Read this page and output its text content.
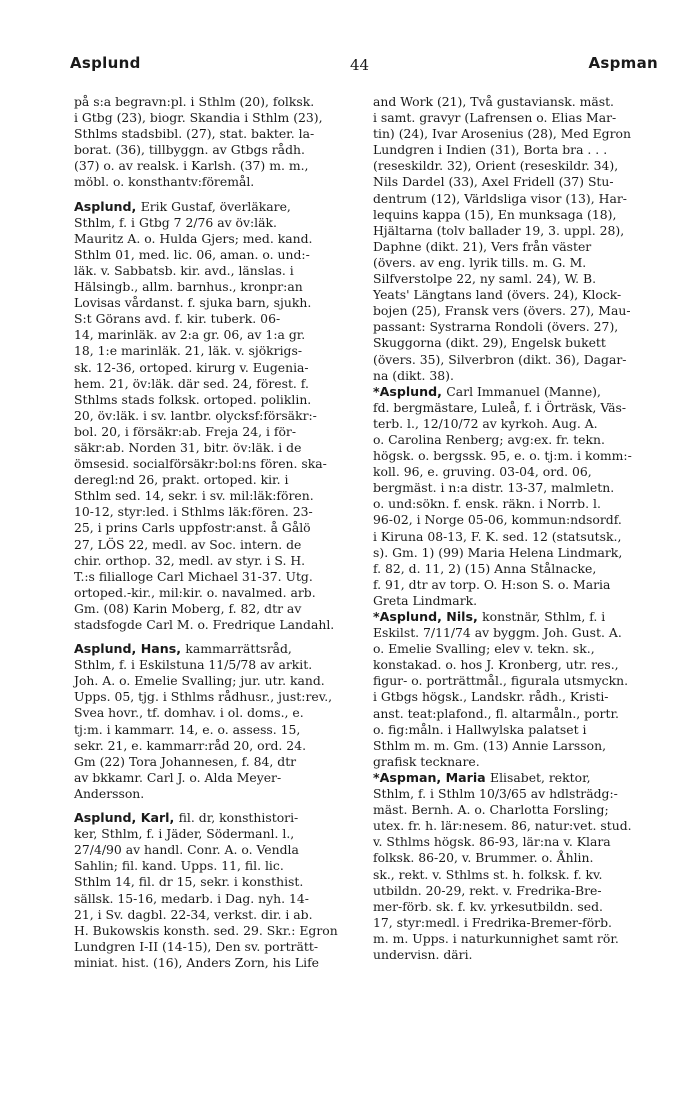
Asplund	44	Aspman
på s:a begravn:pl. i Sthlm (20), folksk.
i Gtbg (23), biogr. Skandia i Sthlm (23),
Sthlms stadsbibl. (27), stat. bakter. la-
borat. (36), tillbyggn. av Gtbgs rådh.
(37) o. av realsk. i Karlsh. (37) m. m.,
möbl. o. konsthantv:föremål.
Asplund, Erik Gustaf, överläkare,
Sthlm, f. i Gtbg 7 2/76 av öv:läk.
Mauritz A. o. Hulda Gjers; med. kand.
Sthlm 01, med. lic. 06, aman. o. und:-
läk. v. Sabbatsb. kir. avd., länslas. i
Hälsingb., allm. barnhus., kronpr:an
Lovisas vårdanst. f. sjuka barn, sjukh.
S:t Görans avd. f. kir. tuberk. 06-
14, marinläk. av 2:a gr. 06, av 1:a gr.
18, 1:e marinläk. 21, läk. v. sjökrigs-
sk. 12-36, ortoped. kirurg v. Eugenia-
hem. 21, öv:läk. där sed. 24, förest. f.
Sthlms stads folksk. ortoped. poliklin.
20, öv:läk. i sv. lantbr. olycksf:försäkr:-
bol. 20, i försäkr:ab. Freja 24, i för-
säkr:ab. Norden 31, bitr. öv:läk. i de
ömsesid. socialförsäkr:bol:ns fören. ska-
deregl:nd 26, prakt. ortoped. kir. i
Sthlm sed. 14, sekr. i sv. mil:läk:fören.
10-12, styr:led. i Sthlms läk:fören. 23-
25, i prins Carls uppfostr:anst. å Gålö
27, LÖS 22, medl. av Soc. intern. de
chir. orthop. 32, medl. av styr. i S. H.
T.:s filialloge Carl Michael 31-37. Utg.
ortoped.-kir., mil:kir. o. navalmed. arb.
Gm. (08) Karin Moberg, f. 82, dtr av
stadsfogde Carl M. o. Fredrique Landahl.
Asplund, Hans, kammarrättsråd,
Sthlm, f. i Eskilstuna 11/5/78 av arkit.
Joh. A. o. Emelie Svalling; jur. utr. kand.
Upps. 05, tjg. i Sthlms rådhusr., just:rev.,
Svea hovr., tf. domhav. i ol. doms., e.
tj:m. i kammarr. 14, e. o. assess. 15,
sekr. 21, e. kammarr:råd 20, ord. 24.
Gm (22) Tora Johannesen, f. 84, dtr
av bkkamr. Carl J. o. Alda Meyer-
Andersson.
Asplund, Karl, fil. dr, konsthistori-
ker, Sthlm, f. i Jäder, Södermanl. l.,
27/4/90 av handl. Conr. A. o. Vendla
Sahlin; fil. kand. Upps. 11, fil. lic.
Sthlm 14, fil. dr 15, sekr. i konsthist.
sällsk. 15-16, medarb. i Dag. nyh. 14-
21, i Sv. dagbl. 22-34, verkst. dir. i ab.
H. Bukowskis konsth. sed. 29. Skr.: Egron
Lundgren I-II (14-15), Den sv. porträtt-
miniat. hist. (16), Anders Zorn, his Life
and Work (21), Två gustaviansk. mäst.
i samt. gravyr (Lafrensen o. Elias Mar-
tin) (24), Ivar Arosenius (28), Med Egron
Lundgren i Indien (31), Borta bra . . .
(reseskildr. 32), Orient (reseskildr. 34),
Nils Dardel (33), Axel Fridell (37) Stu-
dentrum (12), Världsliga visor (13), Har-
lequins kappa (15), En munksaga (18),
Hjältarna (tolv ballader 19, 3. uppl. 28),
Daphne (dikt. 21), Vers från väster
(övers. av eng. lyrik tills. m. G. M.
Silfverstolpe 22, ny saml. 24), W. B.
Yeats' Längtans land (övers. 24), Klock-
bojen (25), Fransk vers (övers. 27), Mau-
passant: Systrarna Rondoli (övers. 27),
Skuggorna (dikt. 29), Engelsk bukett
(övers. 35), Silverbron (dikt. 36), Dagar-
na (dikt. 38).
*Asplund, Carl Immanuel (Manne),
fd. bergmästare, Luleå, f. i Örträsk, Väs-
terb. l., 12/10/72 av kyrkoh. Aug. A.
o. Carolina Renberg; avg:ex. fr. tekn.
högsk. o. bergssk. 95, e. o. tj:m. i komm:-
koll. 96, e. gruving. 03-04, ord. 06,
bergmäst. i n:a distr. 13-37, malmletn.
o. und:sökn. f. ensk. räkn. i Norrb. l.
96-02, i Norge 05-06, kommun:ndsordf.
i Kiruna 08-13, F. K. sed. 12 (statsutsk.,
s). Gm. 1) (99) Maria Helena Lindmark,
f. 82, d. 11, 2) (15) Anna Stålnacke,
f. 91, dtr av torp. O. H:son S. o. Maria
Greta Lindmark.
*Asplund, Nils, konstnär, Sthlm, f. i
Eskilst. 7/11/74 av byggm. Joh. Gust. A.
o. Emelie Svalling; elev v. tekn. sk.,
konstakad. o. hos J. Kronberg, utr. res.,
figur- o. porträttmål., figurala utsmyckn.
i Gtbgs högsk., Landskr. rådh., Kristi-
anst. teat:plafond., fl. altarmåln., portr.
o. fig:måln. i Hallwylska palatset i
Sthlm m. m. Gm. (13) Annie Larsson,
grafisk tecknare.
*Aspman, Maria Elisabet, rektor,
Sthlm, f. i Sthlm 10/3/65 av hdlsträdg:-
mäst. Bernh. A. o. Charlotta Forsling;
utex. fr. h. lär:nesem. 86, natur:vet. stud.
v. Sthlms högsk. 86-93, lär:na v. Klara
folksk. 86-20, v. Brummer. o. Åhlin.
sk., rekt. v. Sthlms st. h. folksk. f. kv.
utbildn. 20-29, rekt. v. Fredrika-Bre-
mer-förb. sk. f. kv. yrkesutbildn. sed.
17, styr:medl. i Fredrika-Bremer-förb.
m. m. Upps. i naturkunnighet samt rör.
undervisn. däri.
